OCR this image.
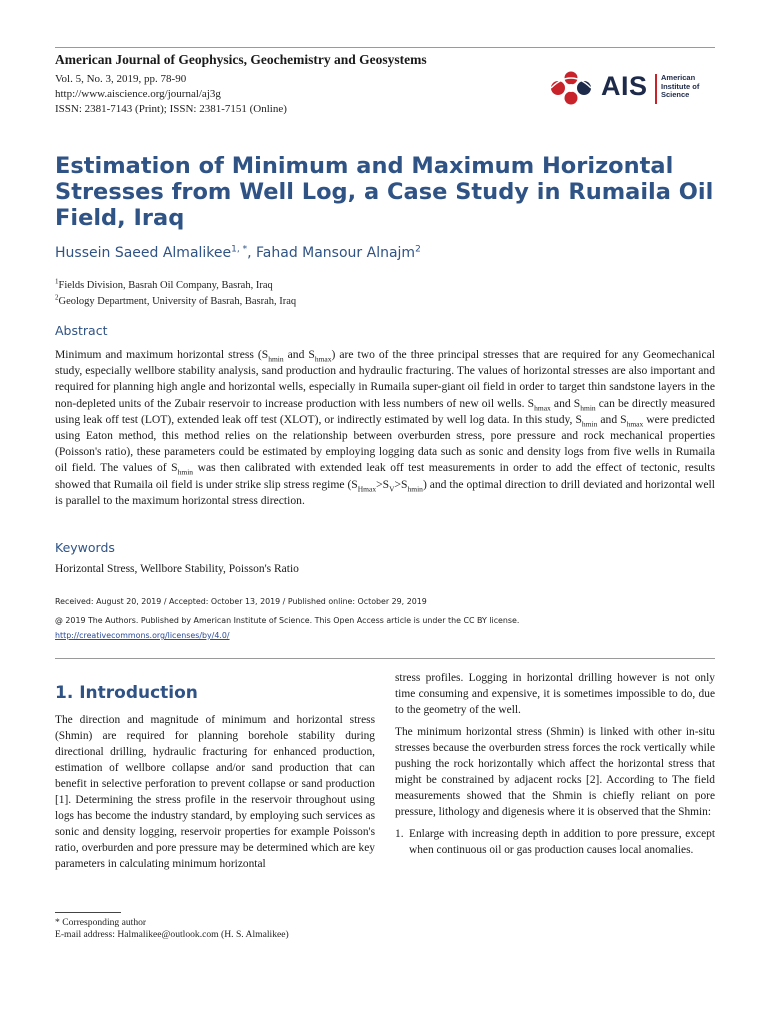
American Journal of Geophysics, Geochemistry and Geosystems
Vol. 5, No. 3, 2019, pp. 78-90
http://www.aiscience.org/journal/aj3g
ISSN: 2381-7143 (Print); ISSN: 2381-7151 (Online)
AIS American
Institute of
Science
Estimation of Minimum and Maximum Horizontal Stresses from Well Log, a Case Study in Rumaila Oil Field, Iraq
Hussein Saeed Almalikee$^{1, *}$, Fahad Mansour Alnajm$^2$
$^1$Fields Division, Basrah Oil Company, Basrah, Iraq
$^2$Geology Department, University of Basrah, Basrah, Iraq
Abstract
Minimum and maximum horizontal stress ($S_{hmin}$ and $S_{hmax}$) are two of the three principal stresses that are required for any Geomechanical study, especially wellbore stability analysis, sand production and hydraulic fracturing. The values of horizontal stresses are also important and required for planning high angle and horizontal wells, especially in Rumaila super-giant oil field in order to target thin sandstone layers in the non-depleted units of the Zubair reservoir to increase production with less numbers of new oil wells. $S_{hmax}$ and $S_{hmin}$ can be directly measured using leak off test (LOT), extended leak off test (XLOT), or indirectly estimated by well log data. In this study, $S_{hmin}$ and $S_{hmax}$ were predicted using Eaton method, this method relies on the relationship between overburden stress, pore pressure and rock mechanical properties (Poisson's ratio), these parameters could be estimated by employing logging data such as sonic and density logs from five wells in Rumaila oil field. The values of $S_{hmin}$ was then calibrated with extended leak off test measurements in order to add the effect of tectonic, results showed that Rumaila oil field is under strike slip stress regime $(S_{Hmax}>S_V>S_{hmin})$ and the optimal direction to drill deviated and horizontal well is parallel to the maximum horizontal stress direction.
Keywords
Horizontal Stress, Wellbore Stability, Poisson's Ratio
Received: August 20, 2019 / Accepted: October 13, 2019 / Published online: October 29, 2019
@ 2019 The Authors. Published by American Institute of Science. This Open Access article is under the CC BY license.
http://creativecommons.org/licenses/by/4.0/
1. Introduction

The direction and magnitude of minimum and horizontal stress (Shmin) are required for planning borehole stability during directional drilling, hydraulic fracturing for enhanced production, estimation of wellbore collapse and/or sand production that can benefit in selective perforation to prevent collapse or sand production [1]. Determining the stress profile in the reservoir throughout using logs has become the industry standard, by employing such services as sonic and density logging, reservoir properties for example Poisson's ratio, overburden and pore pressure may be determined which are key parameters in calculating minimum horizontal

stress profiles. Logging in horizontal drilling however is not only time consuming and expensive, it is sometimes impossible to do, due to the geometry of the well.

The minimum horizontal stress (Shmin) is linked with other in-situ stresses because the overburden stress forces the rock vertically while pushing the rock horizontally which affect the horizontal stress that might be constrained by adjacent rocks [2]. According to The field measurements showed that the Shmin is chiefly reliant on pore pressure, lithology and digenesis where it is observed that the Shmin:

1. Enlarge with increasing depth in addition to pore pressure, except when continuous oil or gas production causes local anomalies.
* Corresponding author
E-mail address: Halmalikee@outlook.com (H. S. Almalikee)
